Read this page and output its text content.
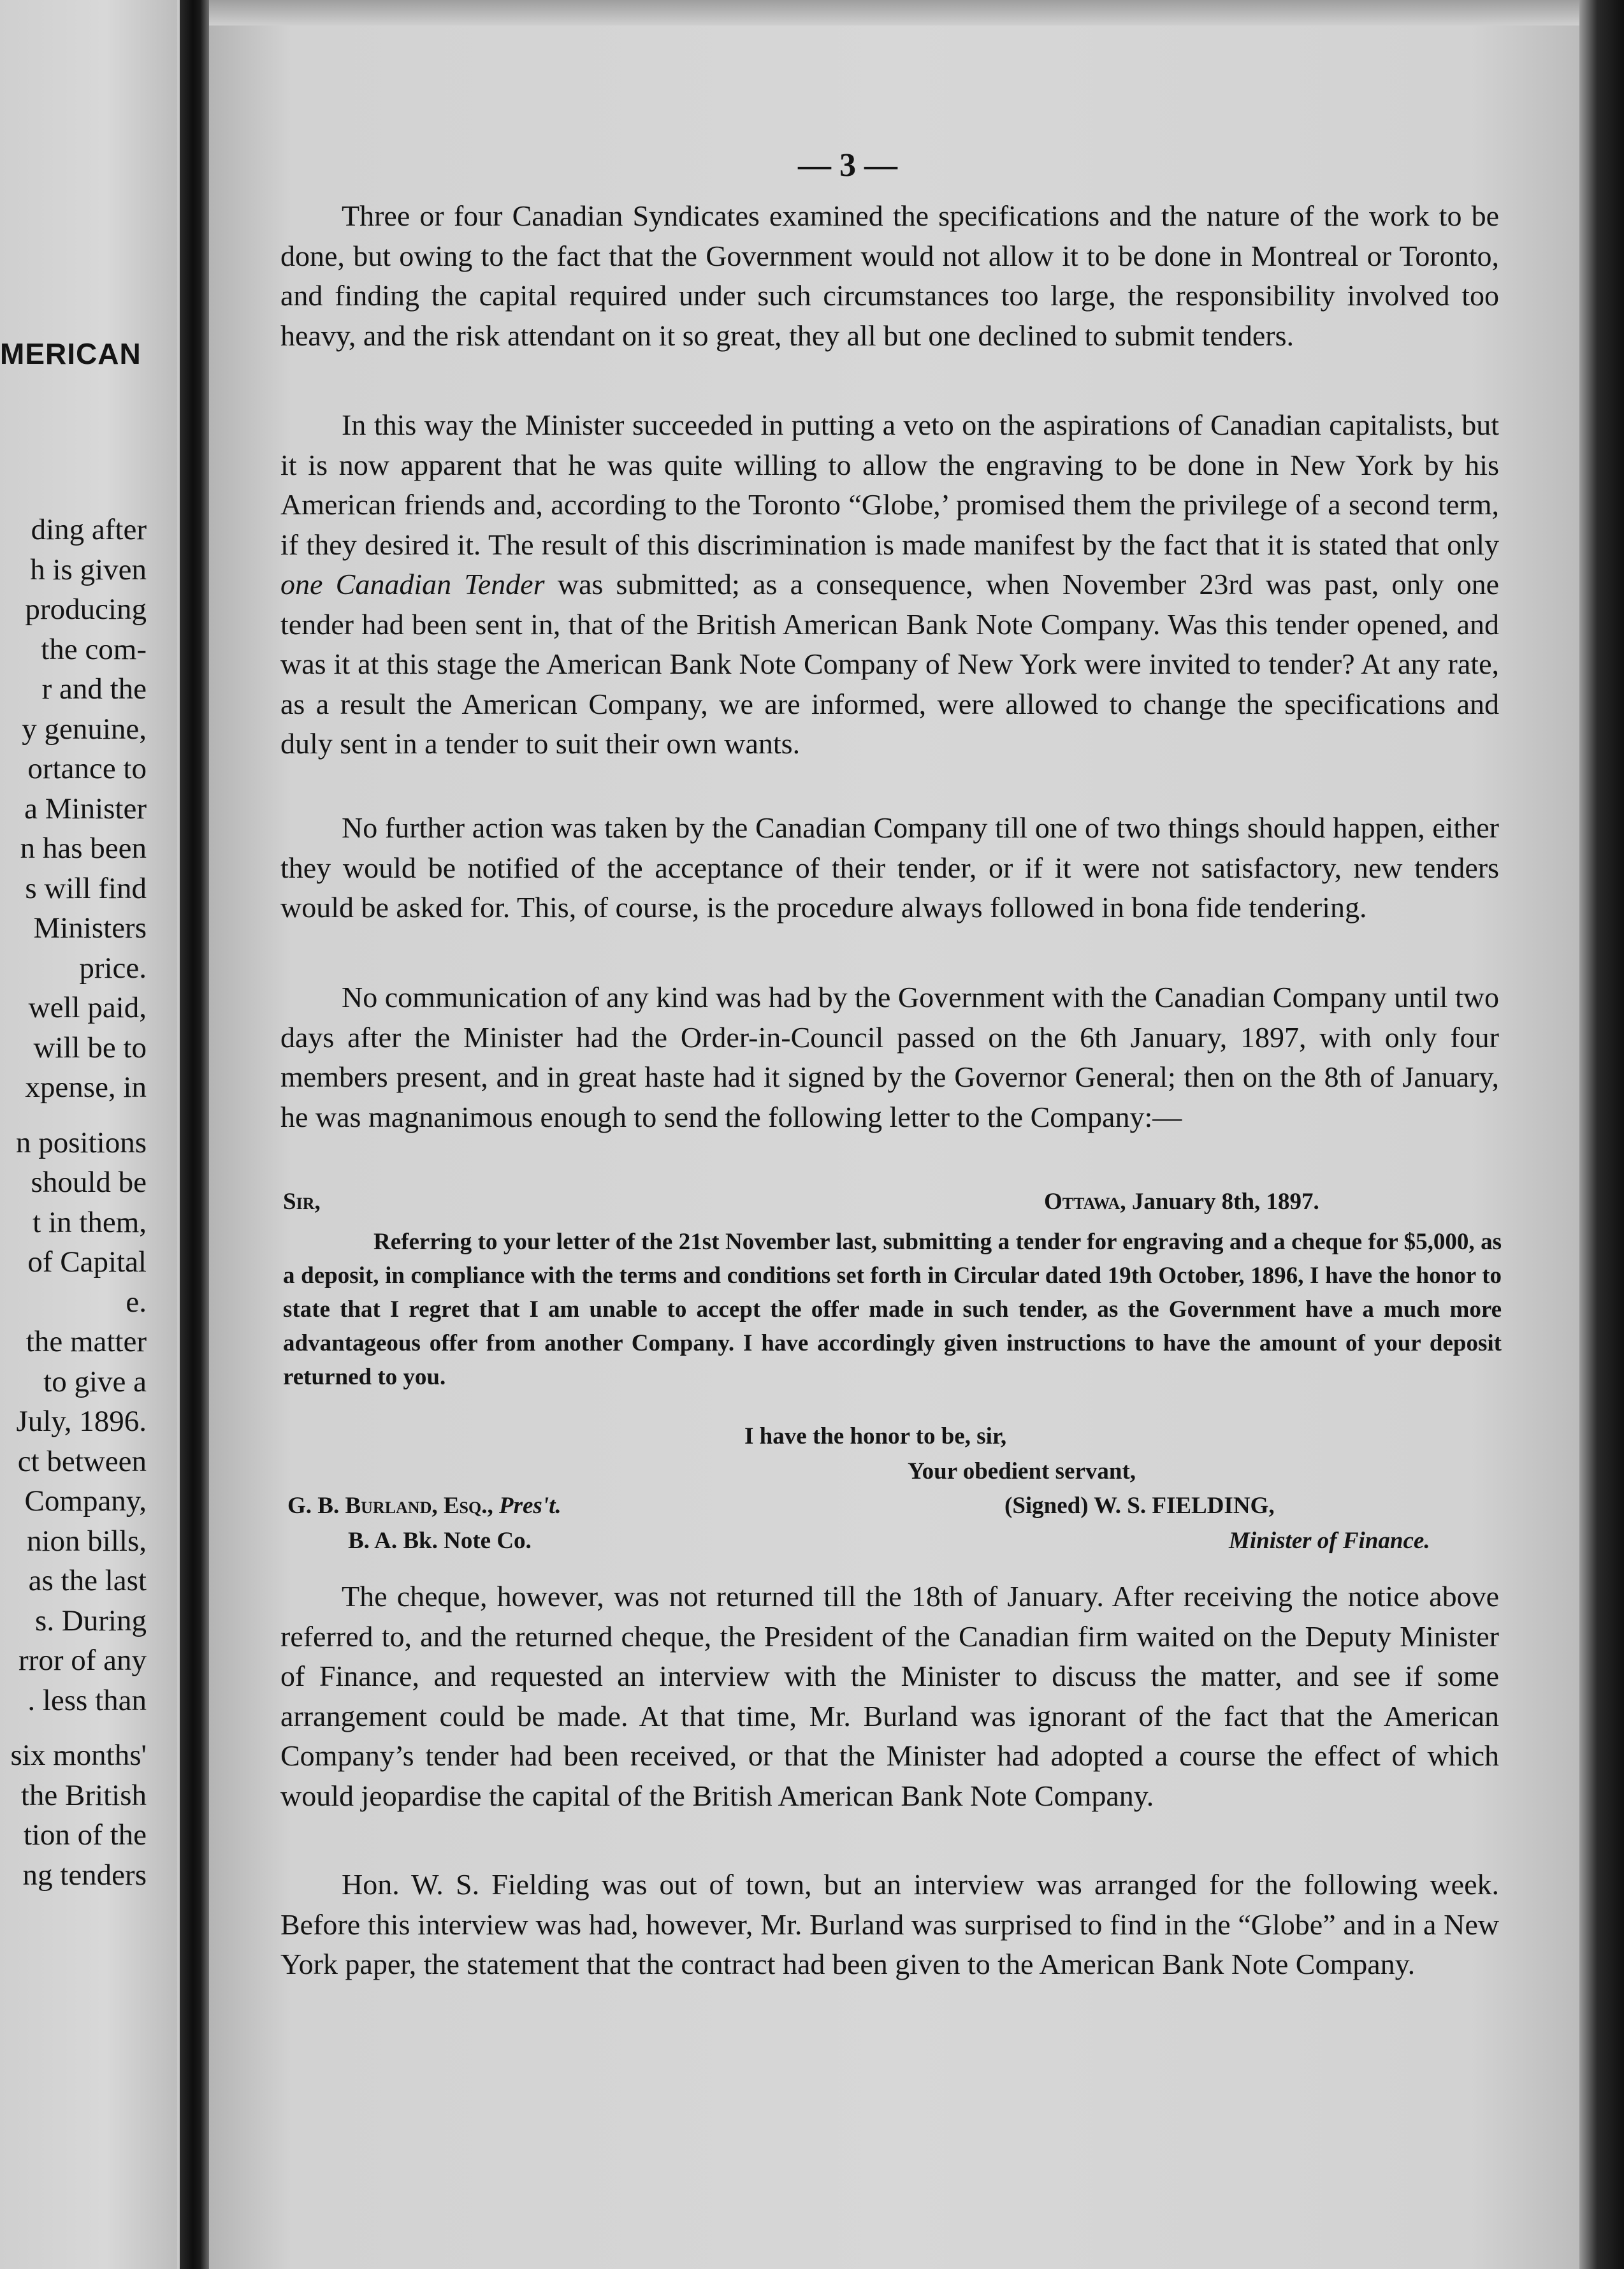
MERICAN
ding after
h is given
producing
the com-
r and the
y genuine,
ortance to
a Minister
n has been
s will find
Ministers
price.
well paid,
will be to
xpense, in
n positions
should be
t in them,
of Capital
e.
the matter
to give a
July, 1896.
ct between
Company,
nion bills,
as the last
s. During
rror of any
. less than
six months'
the British
tion of the
ng tenders
— 3 —

Three or four Canadian Syndicates examined the specifications and the nature of the work to be done, but owing to the fact that the Government would not allow it to be done in Montreal or Toronto, and finding the capital required under such circumstances too large, the responsibility involved too heavy, and the risk attendant on it so great, they all but one declined to submit tenders.

In this way the Minister succeeded in putting a veto on the aspirations of Canadian capitalists, but it is now apparent that he was quite willing to allow the engraving to be done in New York by his American friends and, according to the Toronto “Globe,’ promised them the privilege of a second term, if they desired it. The result of this discrimination is made manifest by the fact that it is stated that only one Canadian Tender was submitted; as a consequence, when November 23rd was past, only one tender had been sent in, that of the British American Bank Note Company. Was this tender opened, and was it at this stage the American Bank Note Company of New York were invited to tender? At any rate, as a result the American Company, we are informed, were allowed to change the specifications and duly sent in a tender to suit their own wants.

No further action was taken by the Canadian Company till one of two things should happen, either they would be notified of the acceptance of their tender, or if it were not satisfactory, new tenders would be asked for. This, of course, is the procedure always followed in bona fide tendering.

No communication of any kind was had by the Government with the Canadian Company until two days after the Minister had the Order-in-Council passed on the 6th January, 1897, with only four members present, and in great haste had it signed by the Governor General; then on the 8th of January, he was magnanimous enough to send the following letter to the Company:—

Sir,	Ottawa, January 8th, 1897.

Referring to your letter of the 21st November last, submitting a tender for engraving and a cheque for $5,000, as a deposit, in compliance with the terms and conditions set forth in Circular dated 19th October, 1896, I have the honor to state that I regret that I am unable to accept the offer made in such tender, as the Government have a much more advantageous offer from another Company. I have accordingly given instructions to have the amount of your deposit returned to you.

I have the honor to be, sir,
Your obedient servant,
G. B. Burland, Esq., Pres't.	(Signed) W. S. FIELDING,
B. A. Bk. Note Co.	Minister of Finance.

The cheque, however, was not returned till the 18th of January. After receiving the notice above referred to, and the returned cheque, the President of the Canadian firm waited on the Deputy Minister of Finance, and requested an interview with the Minister to discuss the matter, and see if some arrangement could be made. At that time, Mr. Burland was ignorant of the fact that the American Company’s tender had been received, or that the Minister had adopted a course the effect of which would jeopardise the capital of the British American Bank Note Company.

Hon. W. S. Fielding was out of town, but an interview was arranged for the following week. Before this interview was had, however, Mr. Burland was surprised to find in the “Globe” and in a New York paper, the statement that the contract had been given to the American Bank Note Company.
